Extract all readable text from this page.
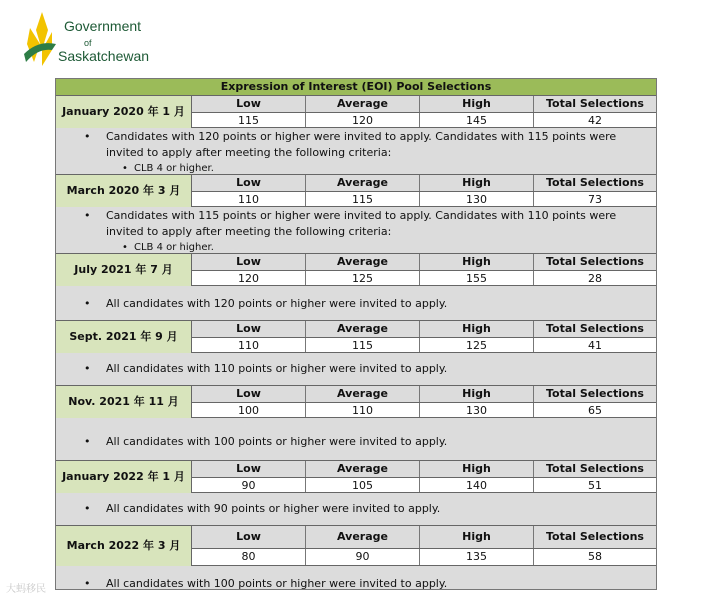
Government
of
Saskatchewan
Expression of Interest (EOI) Pool Selections
January 2020 年 1 月
Low	Average	High	Total Selections
115	120	145	42
• Candidates with 120 points or higher were invited to apply. Candidates with 115 points were invited to apply after meeting the following criteria:
• CLB 4 or higher.
March 2020 年 3 月
Low	Average	High	Total Selections
110	115	130	73
• Candidates with 115 points or higher were invited to apply. Candidates with 110 points were invited to apply after meeting the following criteria:
• CLB 4 or higher.
July 2021 年 7 月
Low	Average	High	Total Selections
120	125	155	28
• All candidates with 120 points or higher were invited to apply.
Sept. 2021 年 9 月
Low	Average	High	Total Selections
110	115	125	41
• All candidates with 110 points or higher were invited to apply.
Nov. 2021 年 11 月
Low	Average	High	Total Selections
100	110	130	65
• All candidates with 100 points or higher were invited to apply.
January 2022 年 1 月
Low	Average	High	Total Selections
90	105	140	51
• All candidates with 90 points or higher were invited to apply.
March 2022 年 3 月
Low	Average	High	Total Selections
80	90	135	58
• All candidates with 100 points or higher were invited to apply.
大蚂移民
